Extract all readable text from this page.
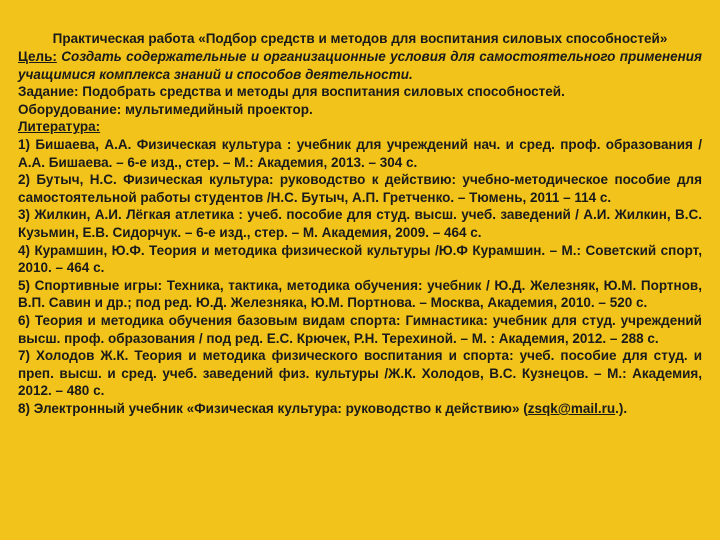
Практическая работа «Подбор средств и методов для воспитания силовых способностей»

Цель: Создать содержательные и организационные условия для самостоятельного применения учащимися комплекса знаний и способов деятельности.

Задание: Подобрать средства и методы для воспитания силовых способностей.

Оборудование: мультимедийный проектор.

Литература:

1) Бишаева, А.А. Физическая культура : учебник для учреждений нач. и сред. проф. образования / А.А. Бишаева. – 6-е изд., стер. – М.: Академия, 2013. – 304 с.

2) Бутыч, Н.С. Физическая культура: руководство к действию: учебно-методическое пособие для самостоятельной работы студентов /Н.С. Бутыч, А.П. Гретченко. – Тюмень, 2011 – 114 с.

3) Жилкин, А.И. Лёгкая атлетика : учеб. пособие для студ. высш. учеб. заведений / А.И. Жилкин, В.С. Кузьмин, Е.В. Сидорчук. – 6-е изд., стер. – М. Академия, 2009. – 464 с.

4) Курамшин, Ю.Ф. Теория и методика физической культуры /Ю.Ф Курамшин. – М.: Советский спорт, 2010. – 464 с.

5) Спортивные игры: Техника, тактика, методика обучения: учебник / Ю.Д. Железняк, Ю.М. Портнов, В.П. Савин и др.; под ред. Ю.Д. Железняка, Ю.М. Портнова. – Москва, Академия, 2010. – 520 с.

6) Теория и методика обучения базовым видам спорта: Гимнастика: учебник для студ. учреждений высш. проф. образования / под ред. Е.С. Крючек, Р.Н. Терехиной. – М. : Академия, 2012. – 288 с.

7) Холодов Ж.К. Теория и методика физического воспитания и спорта: учеб. пособие для студ. и преп. высш. и сред. учеб. заведений физ. культуры /Ж.К. Холодов, В.С. Кузнецов. – М.: Академия, 2012. – 480 с.

8) Электронный учебник «Физическая культура: руководство к действию» (zsqk@mail.ru.).
